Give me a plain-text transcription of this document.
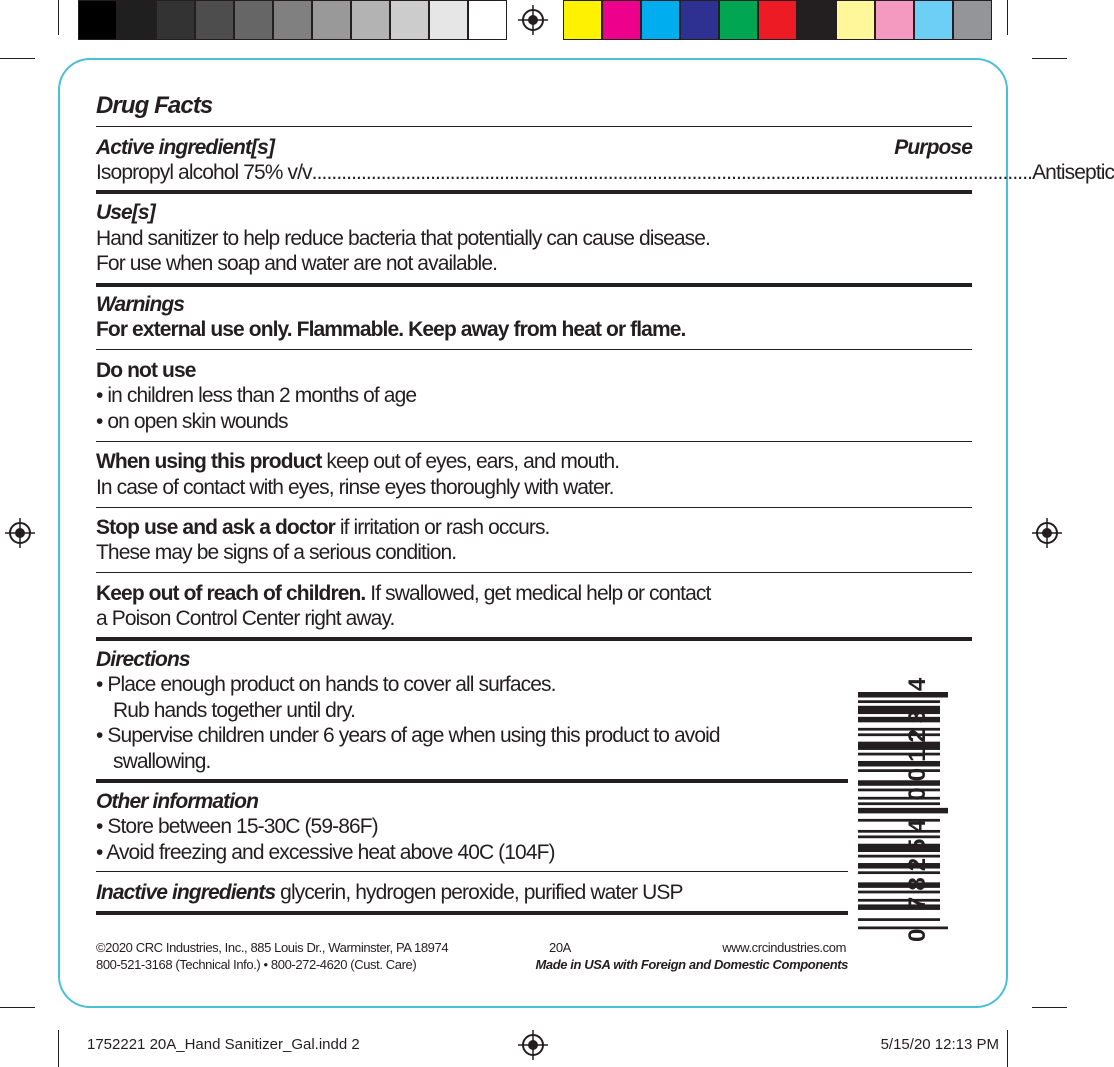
Drug Facts
Active ingredient[s]	Purpose
Isopropyl alcohol 75% v/v .................................................................................................................................................. Antiseptic
Use[s]
Hand sanitizer to help reduce bacteria that potentially can cause disease.
For use when soap and water are not available.
Warnings
For external use only. Flammable. Keep away from heat or flame.
Do not use
• in children less than 2 months of age
• on open skin wounds
When using this product keep out of eyes, ears, and mouth.
In case of contact with eyes, rinse eyes thoroughly with water.
Stop use and ask a doctor if irritation or rash occurs.
These may be signs of a serious condition.
Keep out of reach of children. If swallowed, get medical help or contact
a Poison Control Center right away.
Directions
• Place enough product on hands to cover all surfaces.
Rub hands together until dry.
• Supervise children under 6 years of age when using this product to avoid
swallowing.
Other information
• Store between 15-30C (59-86F)
• Avoid freezing and excessive heat above 40C (104F)
Inactive ingredients glycerin, hydrogen peroxide, purified water USP
©2020 CRC Industries, Inc., 885 Louis Dr., Warminster, PA 18974
800-521-3168 (Technical Info.) • 800-272-4620 (Cust. Care)
20A	www.crcindustries.com
Made in USA with Foreign and Domestic Components
0 78254 00123 4
1752221 20A_Hand Sanitizer_Gal.indd 2	5/15/20 12:13 PM
